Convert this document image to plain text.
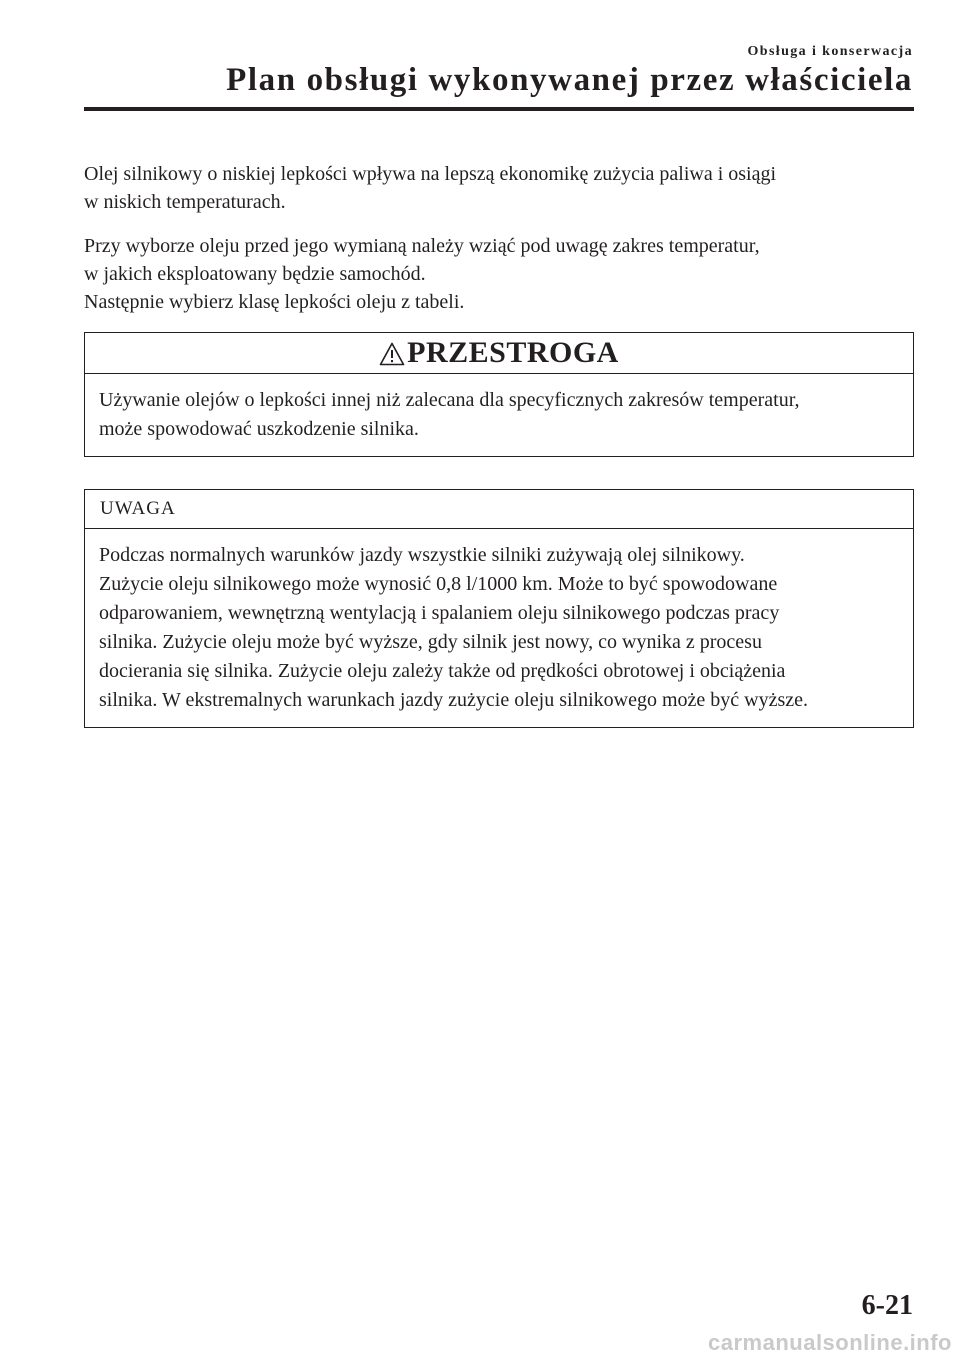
Obsługa i konserwacja
Plan obsługi wykonywanej przez właściciela

Olej silnikowy o niskiej lepkości wpływa na lepszą ekonomikę zużycia paliwa i osiągi
w niskich temperaturach.

Przy wyborze oleju przed jego wymianą należy wziąć pod uwagę zakres temperatur,
w jakich eksploatowany będzie samochód.
Następnie wybierz klasę lepkości oleju z tabeli.

PRZESTROGA
Używanie olejów o lepkości innej niż zalecana dla specyficznych zakresów temperatur,
może spowodować uszkodzenie silnika.
UWAGA
Podczas normalnych warunków jazdy wszystkie silniki zużywają olej silnikowy.
Zużycie oleju silnikowego może wynosić 0,8 l/1000 km. Może to być spowodowane
odparowaniem, wewnętrzną wentylacją i spalaniem oleju silnikowego podczas pracy
silnika. Zużycie oleju może być wyższe, gdy silnik jest nowy, co wynika z procesu
docierania się silnika. Zużycie oleju zależy także od prędkości obrotowej i obciążenia
silnika. W ekstremalnych warunkach jazdy zużycie oleju silnikowego może być wyższe.
6-21
carmanualsonline.info
